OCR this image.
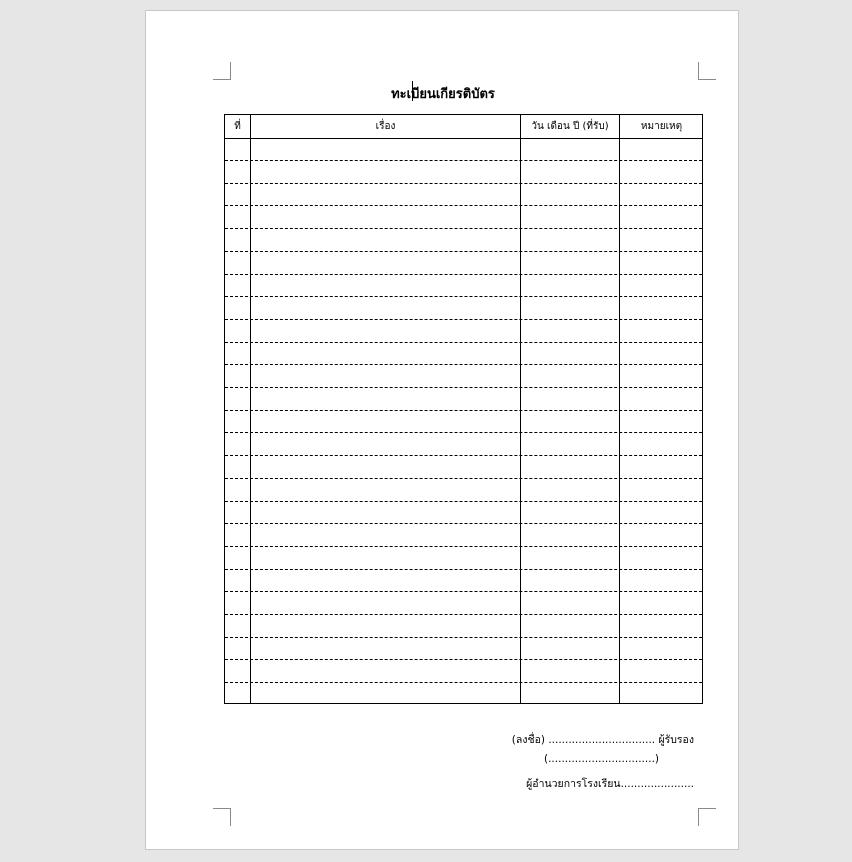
ทะเบียนเกียรติบัตร
ที่	เรื่อง	วัน เดือน ปี (ที่รับ)	หมายเหตุ
(ลงชื่อ) ................................ ผู้รับรอง
(................................)
ผู้อำนวยการโรงเรียน......................
